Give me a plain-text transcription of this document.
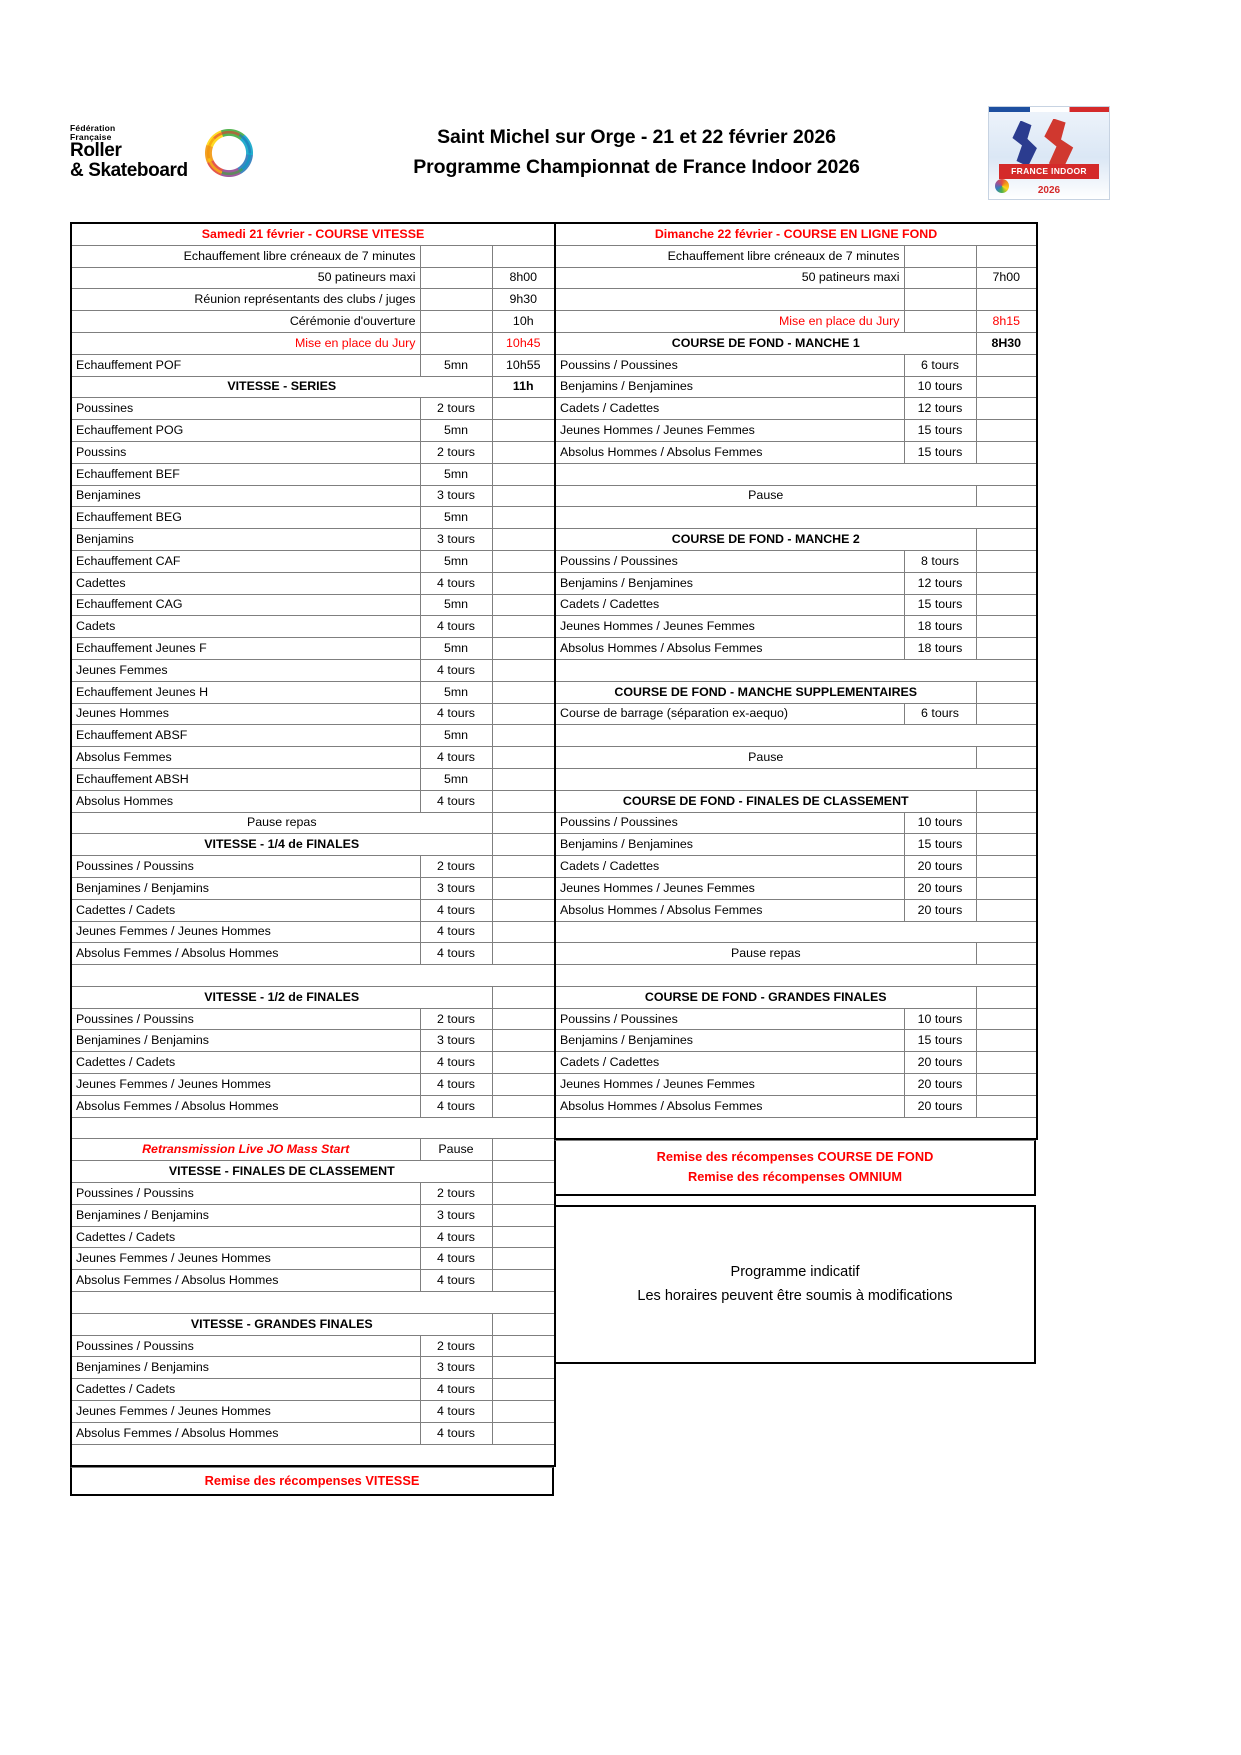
Fédération
Française
Roller
& Skateboard
Saint Michel sur Orge - 21 et 22 février 2026
Programme Championnat de France Indoor 2026	FRANCE INDOOR
2026
Samedi 21 février - COURSE VITESSE		
Echauffement libre créneaux de 7 minutes		
50 patineurs maxi		8h00
Réunion représentants des clubs / juges		9h30
Cérémonie d'ouverture		10h
Mise en place du Jury		10h45
Echauffement POF	5mn	10h55
VITESSE - SERIES		11h
Poussines	2 tours	
Echauffement POG	5mn	
Poussins	2 tours	
Echauffement BEF	5mn	
Benjamines	3 tours	
Echauffement BEG	5mn	
Benjamins	3 tours	
Echauffement CAF	5mn	
Cadettes	4 tours	
Echauffement CAG	5mn	
Cadets	4 tours	
Echauffement Jeunes F	5mn	
Jeunes Femmes	4 tours	
Echauffement Jeunes H	5mn	
Jeunes Hommes	4 tours	
Echauffement ABSF	5mn	
Absolus Femmes	4 tours	
Echauffement ABSH	5mn	
Absolus Hommes	4 tours	
Pause repas		
VITESSE - 1/4 de FINALES		
Poussines / Poussins	2 tours	
Benjamines / Benjamins	3 tours	
Cadettes / Cadets	4 tours	
Jeunes Femmes / Jeunes Hommes	4 tours	
Absolus Femmes / Absolus Hommes	4 tours	

VITESSE - 1/2 de FINALES		
Poussines / Poussins	2 tours	
Benjamines / Benjamins	3 tours	
Cadettes / Cadets	4 tours	
Jeunes Femmes / Jeunes Hommes	4 tours	
Absolus Femmes / Absolus Hommes	4 tours	

Retransmission Live JO Mass Start	Pause	
VITESSE - FINALES DE CLASSEMENT		
Poussines / Poussins	2 tours	
Benjamines / Benjamins	3 tours	
Cadettes / Cadets	4 tours	
Jeunes Femmes / Jeunes Hommes	4 tours	
Absolus Femmes / Absolus Hommes	4 tours	

VITESSE - GRANDES FINALES		
Poussines / Poussins	2 tours	
Benjamines / Benjamins	3 tours	
Cadettes / Cadets	4 tours	
Jeunes Femmes / Jeunes Hommes	4 tours	
Absolus Femmes / Absolus Hommes	4 tours	

Remise des récompenses VITESSE
Dimanche 22 février - COURSE EN LIGNE FOND		
Echauffement libre créneaux de 7 minutes		
50 patineurs maxi		7h00

Mise en place du Jury		8h15
COURSE DE FOND - MANCHE 1		8H30
Poussins / Poussines	6 tours	
Benjamins / Benjamines	10 tours	
Cadets / Cadettes	12 tours	
Jeunes Hommes / Jeunes Femmes	15 tours	
Absolus Hommes / Absolus Femmes	15 tours	

Pause		

COURSE DE FOND - MANCHE 2		
Poussins / Poussines	8 tours	
Benjamins / Benjamines	12 tours	
Cadets / Cadettes	15 tours	
Jeunes Hommes / Jeunes Femmes	18 tours	
Absolus Hommes / Absolus Femmes	18 tours	

COURSE DE FOND - MANCHE SUPPLEMENTAIRES		
Course de barrage (séparation ex-aequo)	6 tours	

Pause		

COURSE DE FOND - FINALES DE CLASSEMENT		
Poussins / Poussines	10 tours	
Benjamins / Benjamines	15 tours	
Cadets / Cadettes	20 tours	
Jeunes Hommes / Jeunes Femmes	20 tours	
Absolus Hommes / Absolus Femmes	20 tours	

Pause repas		

COURSE DE FOND - GRANDES FINALES		
Poussins / Poussines	10 tours	
Benjamins / Benjamines	15 tours	
Cadets / Cadettes	20 tours	
Jeunes Hommes / Jeunes Femmes	20 tours	
Absolus Hommes / Absolus Femmes	20 tours	

Remise des récompenses COURSE DE FOND
Remise des récompenses OMNIUM
Programme indicatif
Les horaires peuvent être soumis à modifications
